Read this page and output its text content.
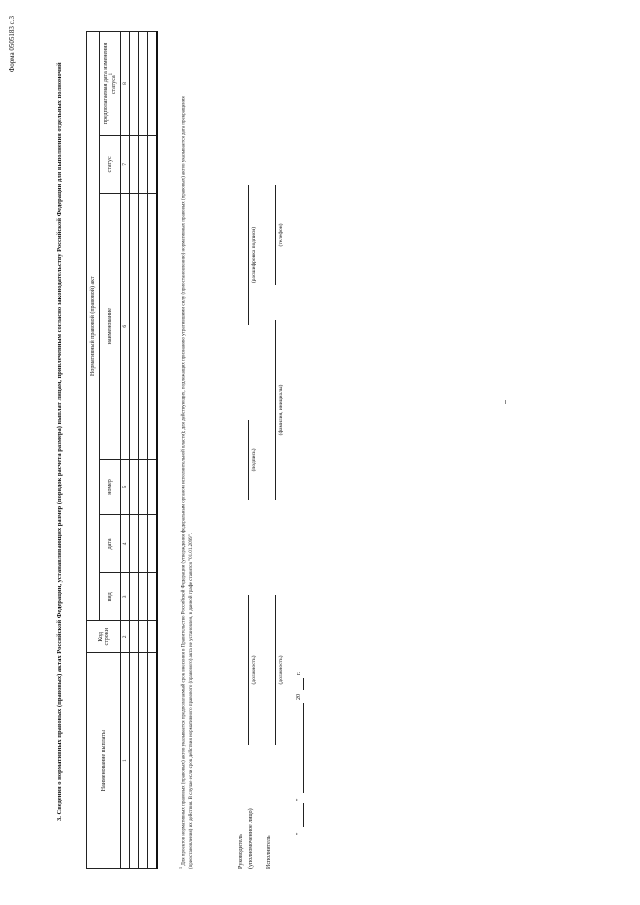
Форма 0505183 с.3
3. Сведения о нормативных правовых (правовых) актах Российской Федерации, устанавливающих размер (порядок расчета размера) выплат лицам, привлеченным согласно законодательству Российской Федерации для выполнения отдельных полномочий	Наименование выплаты	Код строки	Нормативный правовой (правовой) акт					
		вид	дата	номер	наименование	статус	предполагаемая дата изменения статуса$^1$
1	2	3	4	5	6	7	8

$^1$ Для проектов нормативных правовых (правовых) актов указывается предполагаемый срок внесения в Правительство Российской Федерации (утверждения федеральным органом исполнительной власти); для действующих, подлежащих признанию утратившими силу (приостановлению) нормативных правовых (правовых) актов указывается дата прекращения (приостановления) их действия. В случае если срок действия нормативного правового (правового) акта не установлен, в данной графе ставится "01.01.2099".	Руководитель (уполномоченное лицо)
(должность)
(подпись)
(расшифровка подписи)
Исполнитель
(должность)
(фамилия, инициалы)
(телефон)
"
"
20
г.
